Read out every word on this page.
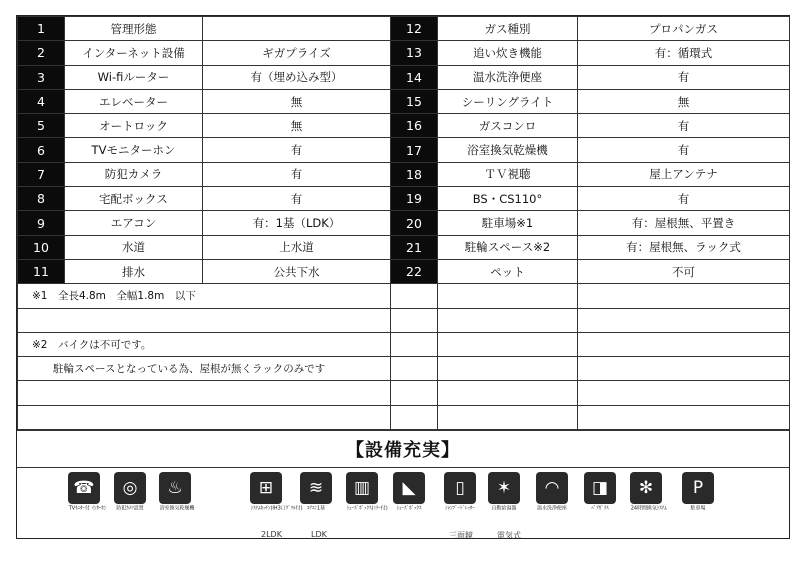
1	管理形態		12	ガス種別	プロパンガス
2	インターネット設備	ギガプライズ	13	追い炊き機能	有：循環式
3	Wi-fiルーター	有（埋め込み型）	14	温水洗浄便座	有
4	エレベーター	無	15	シーリングライト	無
5	オートロック	無	16	ガスコンロ	有
6	TVモニターホン	有	17	浴室換気乾燥機	有
7	防犯カメラ	有	18	ＴＶ視聴	屋上アンテナ
8	宅配ボックス	有	19	BS・CS110°	有
9	エアコン	有：1基（LDK）	20	駐車場※1	有：屋根無、平置き
10	水道	上水道	21	駐輪スペース※2	有：屋根無、ラック式
11	排水	公共下水	22	ペット	不可
※1　全長4.8m　全幅1.8m　以下					

※2　バイクは不可です。					
　　駐輪スペースとなっている為、屋根が無くラックのみです					

【設備充実】
2LDK	LDK	三面鏡	電気式
☎
TVﾓﾆﾀｰ付 ｲﾝﾀｰﾎﾝ
◎
防犯ｶﾒﾗ設置
♨
浴室換気乾燥機
⊞
ｼｽﾃﾑｷｯﾁﾝ(IH3口ｸﾞﾘﾙ付)
≋
ｴｱｺﾝ1基
▥
ｼｭｰｽﾞﾎﾞｯｸｽ(ﾐﾗｰ付)
◣
ｼｭｰｽﾞﾎﾞｯｸｽ
▯
ｼｬﾝﾌﾟｰﾄﾞﾚｯｻｰ
✶
自動給湯器
◠
温水洗浄便座
◨
ﾍﾟｱｶﾞﾗｽ
✻
24時間換気ｼｽﾃﾑ
P
駐車場
